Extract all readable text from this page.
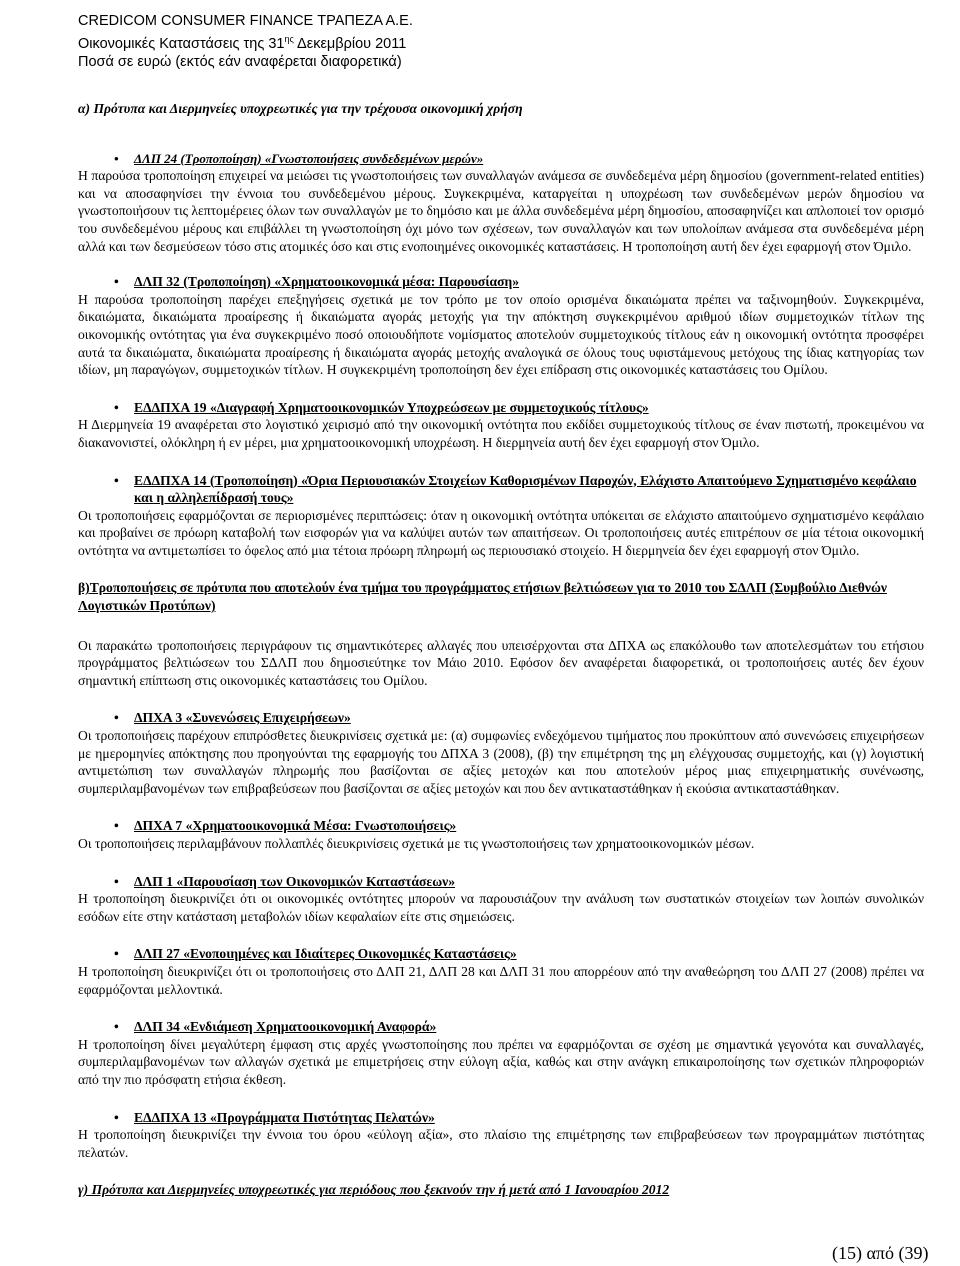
CREDICOM CONSUMER FINANCE ΤΡΑΠΕΖΑ Α.Ε.
Οικονομικές Καταστάσεις της $31^{\eta\varsigma}$ Δεκεμβρίου 2011
Ποσά σε ευρώ (εκτός εάν αναφέρεται διαφορετικά)

α) Πρότυπα και Διερμηνείες υποχρεωτικές για την τρέχουσα οικονομική χρήση

• ΔΛΠ 24 (Τροποποίηση) «Γνωστοποιήσεις συνδεδεμένων μερών»

Η παρούσα τροποποίηση επιχειρεί να μειώσει τις γνωστοποιήσεις των συναλλαγών ανάμεσα σε συνδεδεμένα μέρη δημοσίου (government-related entities) και να αποσαφηνίσει την έννοια του συνδεδεμένου μέρους. Συγκεκριμένα, καταργείται η υποχρέωση των συνδεδεμένων μερών δημοσίου να γνωστοποιήσουν τις λεπτομέρειες όλων των συναλλαγών με το δημόσιο και με άλλα συνδεδεμένα μέρη δημοσίου, αποσαφηνίζει και απλοποιεί τον ορισμό του συνδεδεμένου μέρους και επιβάλλει τη γνωστοποίηση όχι μόνο των σχέσεων, των συναλλαγών και των υπολοίπων ανάμεσα στα συνδεδεμένα μέρη αλλά και των δεσμεύσεων τόσο στις ατομικές όσο και στις ενοποιημένες οικονομικές καταστάσεις. Η τροποποίηση αυτή δεν έχει εφαρμογή στον Όμιλο.

• ΔΛΠ 32 (Τροποποίηση) «Χρηματοοικονομικά μέσα: Παρουσίαση»

Η παρούσα τροποποίηση παρέχει επεξηγήσεις σχετικά με τον τρόπο με τον οποίο ορισμένα δικαιώματα πρέπει να ταξινομηθούν. Συγκεκριμένα, δικαιώματα, δικαιώματα προαίρεσης ή δικαιώματα αγοράς μετοχής για την απόκτηση συγκεκριμένου αριθμού ιδίων συμμετοχικών τίτλων της οικονομικής οντότητας για ένα συγκεκριμένο ποσό οποιουδήποτε νομίσματος αποτελούν συμμετοχικούς τίτλους εάν η οικονομική οντότητα προσφέρει αυτά τα δικαιώματα, δικαιώματα προαίρεσης ή δικαιώματα αγοράς μετοχής αναλογικά σε όλους τους υφιστάμενους μετόχους της ίδιας κατηγορίας των ιδίων, μη παραγώγων, συμμετοχικών τίτλων. Η συγκεκριμένη τροποποίηση δεν έχει επίδραση στις οικονομικές καταστάσεις του Ομίλου.

• ΕΔΔΠΧΑ 19 «Διαγραφή Χρηματοοικονομικών Υποχρεώσεων με συμμετοχικούς τίτλους»

Η Διερμηνεία 19 αναφέρεται στο λογιστικό χειρισμό από την οικονομική οντότητα που εκδίδει συμμετοχικούς τίτλους σε έναν πιστωτή, προκειμένου να διακανονιστεί, ολόκληρη ή εν μέρει, μια χρηματοοικονομική υποχρέωση. Η διερμηνεία αυτή δεν έχει εφαρμογή στον Όμιλο.

• ΕΔΔΠΧΑ 14 (Τροποποίηση) «Όρια Περιουσιακών Στοιχείων Καθορισμένων Παροχών, Ελάχιστο Απαιτούμενο Σχηματισμένο κεφάλαιο και η αλληλεπίδρασή τους»

Οι τροποποιήσεις εφαρμόζονται σε περιορισμένες περιπτώσεις: όταν η οικονομική οντότητα υπόκειται σε ελάχιστο απαιτούμενο σχηματισμένο κεφάλαιο και προβαίνει σε πρόωρη καταβολή των εισφορών για να καλύψει αυτών των απαιτήσεων. Οι τροποποιήσεις αυτές επιτρέπουν σε μία τέτοια οικονομική οντότητα να αντιμετωπίσει το όφελος από μια τέτοια πρόωρη πληρωμή ως περιουσιακό στοιχείο. Η διερμηνεία δεν έχει εφαρμογή στον Όμιλο.

β)Τροποποιήσεις σε πρότυπα που αποτελούν ένα τμήμα του προγράμματος ετήσιων βελτιώσεων για το 2010 του ΣΔΛΠ (Συμβούλιο Διεθνών Λογιστικών Προτύπων)

Οι παρακάτω τροποποιήσεις περιγράφουν τις σημαντικότερες αλλαγές που υπεισέρχονται στα ΔΠΧΑ ως επακόλουθο των αποτελεσμάτων του ετήσιου προγράμματος βελτιώσεων του ΣΔΛΠ που δημοσιεύτηκε τον Μάιο 2010. Εφόσον δεν αναφέρεται διαφορετικά, οι τροποποιήσεις αυτές δεν έχουν σημαντική επίπτωση στις οικονομικές καταστάσεις του Ομίλου.

• ΔΠΧΑ 3 «Συνενώσεις Επιχειρήσεων»

Οι τροποποιήσεις παρέχουν επιπρόσθετες διευκρινίσεις σχετικά με: (α) συμφωνίες ενδεχόμενου τιμήματος που προκύπτουν από συνενώσεις επιχειρήσεων με ημερομηνίες απόκτησης που προηγούνται της εφαρμογής του ΔΠΧΑ 3 (2008), (β) την επιμέτρηση της μη ελέγχουσας συμμετοχής, και (γ) λογιστική αντιμετώπιση των συναλλαγών πληρωμής που βασίζονται σε αξίες μετοχών και που αποτελούν μέρος μιας επιχειρηματικής συνένωσης, συμπεριλαμβανομένων των επιβραβεύσεων που βασίζονται σε αξίες μετοχών και που δεν αντικαταστάθηκαν ή εκούσια αντικαταστάθηκαν.

• ΔΠΧΑ 7 «Χρηματοοικονομικά Μέσα: Γνωστοποιήσεις»

Οι τροποποιήσεις περιλαμβάνουν πολλαπλές διευκρινίσεις σχετικά με τις γνωστοποιήσεις των χρηματοοικονομικών μέσων.

• ΔΛΠ 1 «Παρουσίαση των Οικονομικών Καταστάσεων»

Η τροποποίηση διευκρινίζει ότι οι οικονομικές οντότητες μπορούν να παρουσιάζουν την ανάλυση των συστατικών στοιχείων των λοιπών συνολικών εσόδων είτε στην κατάσταση μεταβολών ιδίων κεφαλαίων είτε στις σημειώσεις.

• ΔΛΠ 27 «Ενοποιημένες και Ιδιαίτερες Οικονομικές Καταστάσεις»

Η τροποποίηση διευκρινίζει ότι οι τροποποιήσεις στο ΔΛΠ 21, ΔΛΠ 28 και ΔΛΠ 31 που απορρέουν από την αναθεώρηση του ΔΛΠ 27 (2008) πρέπει να εφαρμόζονται μελλοντικά.

• ΔΛΠ 34 «Ενδιάμεση Χρηματοοικονομική Αναφορά»

Η τροποποίηση δίνει μεγαλύτερη έμφαση στις αρχές γνωστοποίησης που πρέπει να εφαρμόζονται σε σχέση με σημαντικά γεγονότα και συναλλαγές, συμπεριλαμβανομένων των αλλαγών σχετικά με επιμετρήσεις στην εύλογη αξία, καθώς και στην ανάγκη επικαιροποίησης των σχετικών πληροφοριών από την πιο πρόσφατη ετήσια έκθεση.

• ΕΔΔΠΧΑ 13 «Προγράμματα Πιστότητας Πελατών»

Η τροποποίηση διευκρινίζει την έννοια του όρου «εύλογη αξία», στο πλαίσιο της επιμέτρησης των επιβραβεύσεων των προγραμμάτων πιστότητας πελατών.

γ) Πρότυπα και Διερμηνείες υποχρεωτικές για περιόδους που ξεκινούν την ή μετά από 1 Ιανουαρίου 2012

(15) από (39)
